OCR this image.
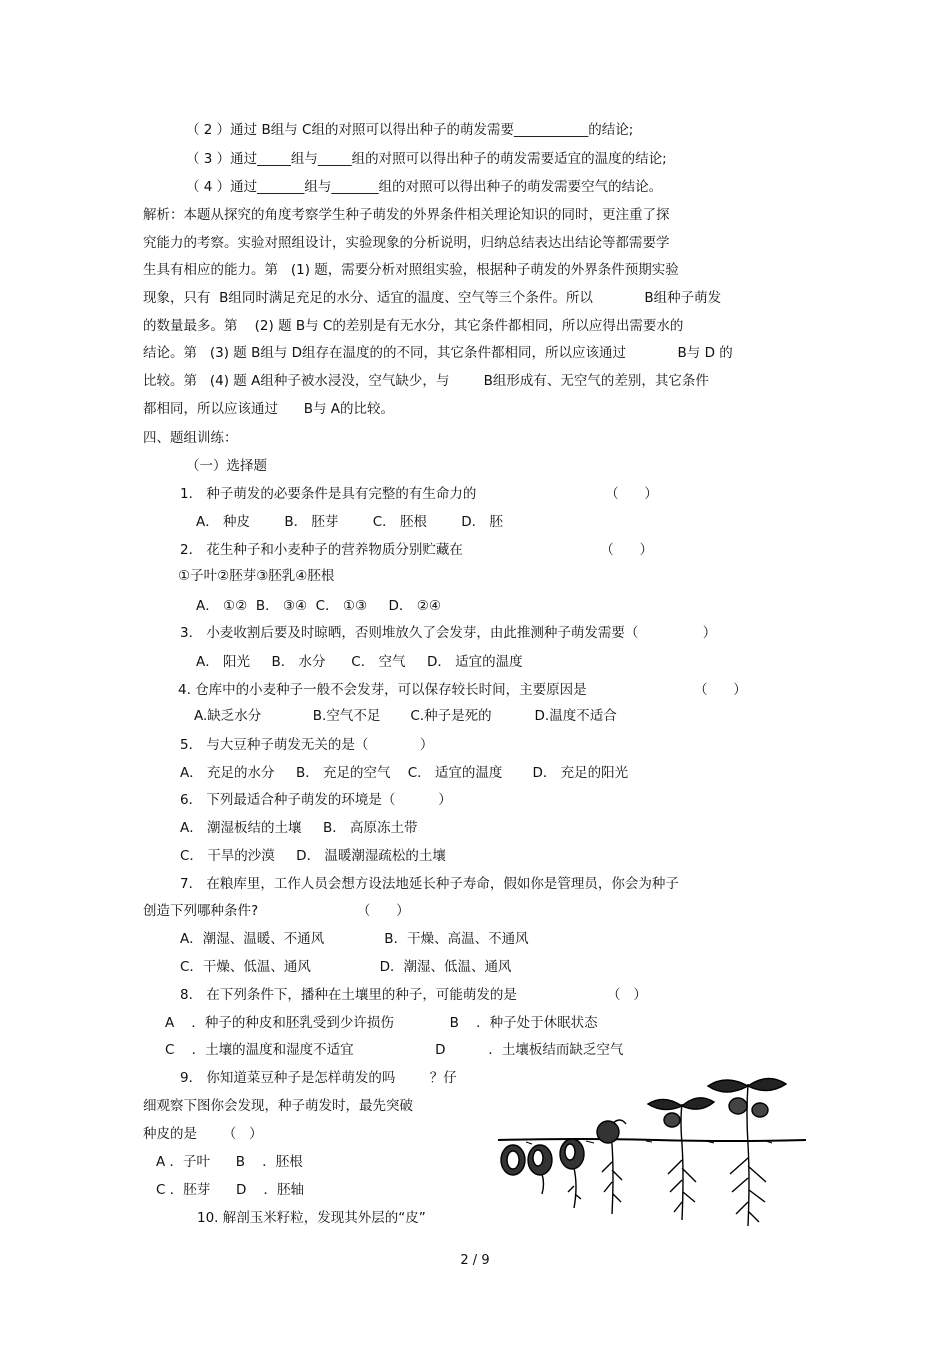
（ 2 ）通过 B组与 C组的对照可以得出种子的萌发需要___________的结论;
（ 3 ）通过_____组与_____组的对照可以得出种子的萌发需要适宜的温度的结论;
（ 4 ）通过_______组与_______组的对照可以得出种子的萌发需要空气的结论。
解析：本题从探究的角度考察学生种子萌发的外界条件相关理论知识的同时，更注重了探
究能力的考察。实验对照组设计，实验现象的分析说明，归纳总结表达出结论等都需要学
生具有相应的能力。第   (1) 题，需要分析对照组实验，根据种子萌发的外界条件预期实验
现象，只有  B组同时满足充足的水分、适宜的温度、空气等三个条件。所以            B组种子萌发
的数量最多。第    (2) 题 B与 C的差别是有无水分，其它条件都相同，所以应得出需要水的
结论。第   (3) 题 B组与 D组存在温度的的不同，其它条件都相同，所以应该通过            B与 D 的
比较。第   (4) 题 A组种子被水浸没，空气缺少，与        B组形成有、无空气的差别，其它条件
都相同，所以应该通过      B与 A的比较。
四、题组训练：
（一）选择题
1． 种子萌发的必要条件是具有完整的有生命力的                              （      ）
A． 种皮        B． 胚芽        C． 胚根        D． 胚
2． 花生种子和小麦种子的营养物质分别贮藏在                                （      ）
①子叶②胚芽③胚乳④胚根
A． ①②  B． ③④  C． ①③     D． ②④
3． 小麦收割后要及时晾晒，否则堆放久了会发芽，由此推测种子萌发需要（               ）
A． 阳光     B． 水分      C． 空气     D． 适宜的温度
4. 仓库中的小麦种子一般不会发芽，可以保存较长时间，主要原因是                         （      ）
A.缺乏水分            B.空气不足       C.种子是死的          D.温度不适合
5． 与大豆种子萌发无关的是（            ）
A． 充足的水分     B． 充足的空气    C． 适宜的温度       D． 充足的阳光
6． 下列最适合种子萌发的环境是（          ）
A． 潮湿板结的土壤     B． 高原冻土带
C． 干旱的沙漠     D． 温暖潮湿疏松的土壤
7． 在粮库里，工作人员会想方设法地延长种子寿命，假如你是管理员，你会为种子
创造下列哪种条件?                       （      ）
A．潮湿、温暖、不通风              B．干燥、高温、不通风
C．干燥、低温、通风                D．潮湿、低温、通风
8． 在下列条件下，播种在土壤里的种子，可能萌发的是                     （   ）
A    ．种子的种皮和胚乳受到少许损伤             B    ．种子处于休眠状态
C    ．土壤的温度和湿度不适宜                   D          ．土壤板结而缺乏空气
9． 你知道菜豆种子是怎样萌发的吗        ？仔
细观察下图你会发现，种子萌发时，最先突破
种皮的是      （   ）
A ．子叶      B    ．胚根
C ．胚芽      D    ．胚轴
10. 解剖玉米籽粒，发现其外层的“皮”
2 / 9
